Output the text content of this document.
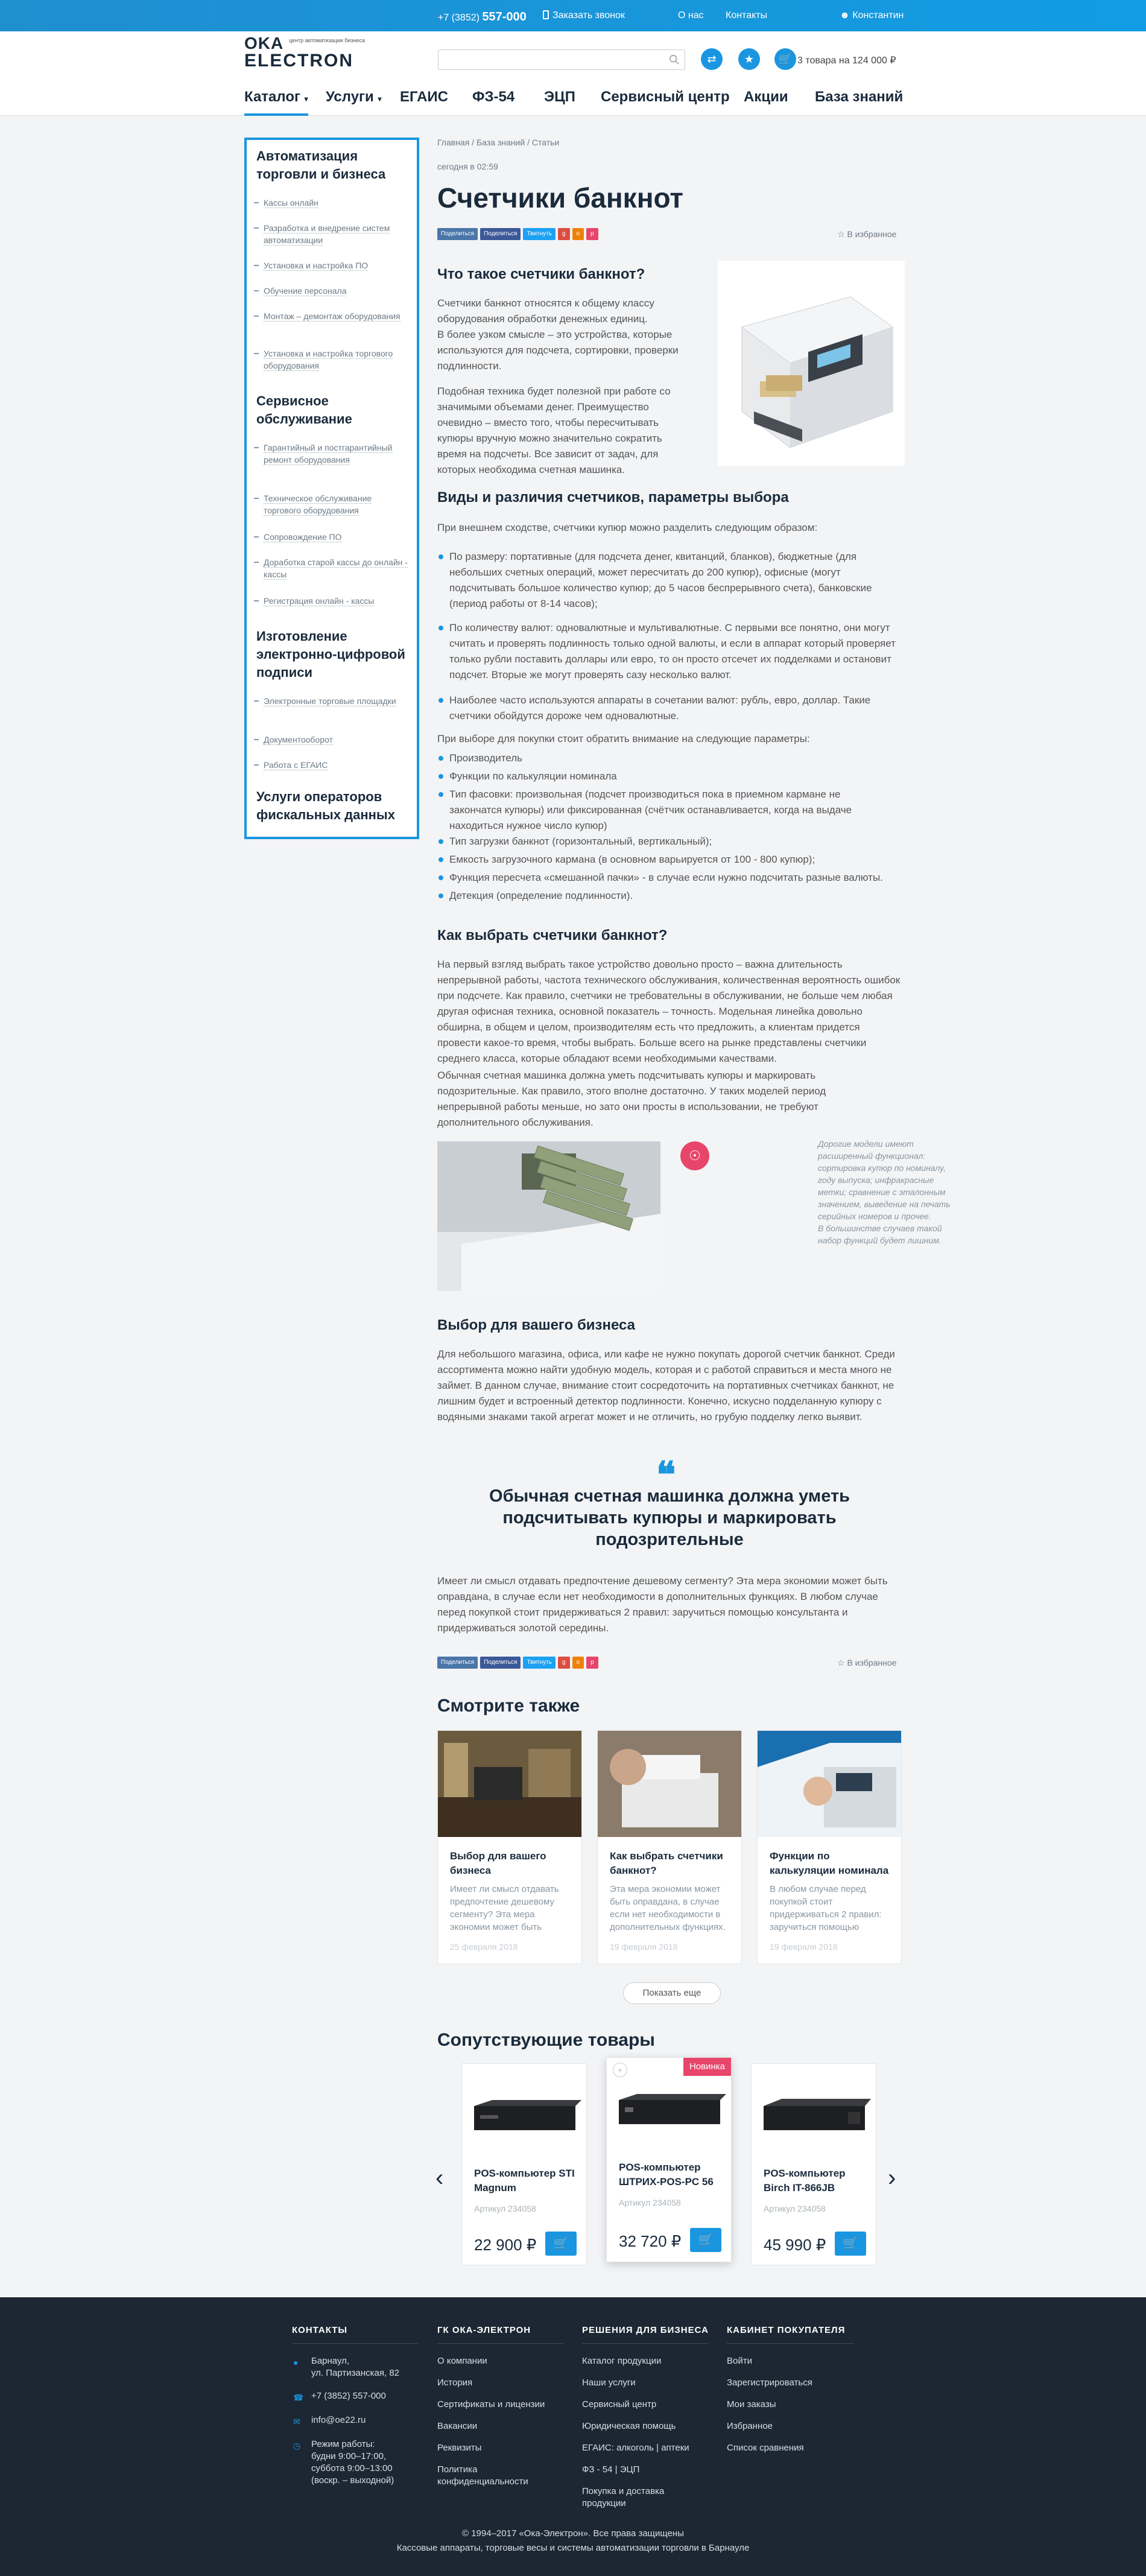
+7 (3852) 557-000	Заказать звонок	О нас Контакты	☻ Константин
OKA
ELECTRON
центр автоматизации бизнеса
⇄	★	🛒 3 товара на 124 000 ₽
Каталог ▾ Услуги ▾ ЕГАИС ФЗ-54 ЭЦП Сервисный центр Акции База знаний
Автоматизация торговли и бизнеса
Кассы онлайн
Разработка и внедрение систем автоматизации
Установка и настройка ПО
Обучение персонала
Монтаж – демонтаж оборудования
Установка и настройка торгового оборудования
Сервисное обслуживание
Гарантийный и постгарантийный ремонт оборудования
Техническое обслуживание торгового оборудования
Сопровождение ПО
Доработка старой кассы до онлайн - кассы
Регистрация онлайн - кассы
Изготовление электронно-цифровой подписи
Электронные торговые площадки
Документооборот
Работа с ЕГАИС
Услуги операторов фискальных данных
Главная / База знаний / Статьи
сегодня в 02:59
Счетчики банкнот
Поделиться	Поделиться	Твитнуть	g	o	p	☆ В избранное
Что такое счетчики банкнот?
Счетчики банкнот относятся к общему классу оборудования обработки денежных единиц.
В более узком смысле – это устройства, которые используются для подсчета, сортировки, проверки подлинности.
Подобная техника будет полезной при работе со значимыми объемами денег. Преимущество очевидно – вместо того, чтобы пересчитывать купюры вручную можно значительно сократить время на подсчеты. Все зависит от задач, для которых необходима счетная машинка.
Виды и различия счетчиков, параметры выбора
При внешнем сходстве, счетчики купюр можно разделить следующим образом:
По размеру: портативные (для подсчета денег, квитанций, бланков), бюджетные (для небольших счетных операций, может пересчитать до 200 купюр), офисные (могут подсчитывать большое количество купюр; до 5 часов беспрерывного счета), банковские (период работы от 8-14 часов);
По количеству валют: одновалютные и мультивалютные. С первыми все понятно, они могут считать и проверять подлинность только одной валюты, и если в аппарат который проверяет только рубли поставить доллары или евро, то он просто отсечет их подделками и остановит подсчет. Вторые же могут проверять сазу несколько валют.
Наиболее часто используются аппараты в сочетании валют: рубль, евро, доллар. Такие счетчики обойдутся дороже чем одновалютные.
При выборе для покупки стоит обратить внимание на следующие параметры:
Производитель
Функции по калькуляции номинала
Тип фасовки: произвольная (подсчет производиться пока в приемном кармане не закончатся купюры) или фиксированная (счётчик останавливается, когда на выдаче находиться нужное число купюр)
Тип загрузки банкнот (горизонтальный, вертикальный);
Емкость загрузочного кармана (в основном варьируется от 100 - 800 купюр);
Функция пересчета «смешанной пачки» - в случае если нужно подсчитать разные валюты.
Детекция (определение подлинности).
Как выбрать счетчики банкнот?
На первый взгляд выбрать такое устройство довольно просто – важна длительность непрерывной работы, частота технического обслуживания, количественная вероятность ошибок при подсчете. Как правило, счетчики не требовательны в обслуживании, не больше чем любая другая офисная техника, основной показатель – точность. Модельная линейка довольно обширна, в общем и целом, производителям есть что предложить, а клиентам придется провести какое-то время, чтобы выбрать. Больше всего на рынке представлены счетчики среднего класса, которые обладают всеми необходимыми качествами.
Обычная счетная машинка должна уметь подсчитывать купюры и маркировать подозрительные. Как правило, этого вполне достаточно. У таких моделей период непрерывной работы меньше, но зато они просты в использовании, не требуют дополнительного обслуживания.
☉
Дорогие модели имеют расширенный функционал: сортировка купюр по номиналу, году выпуска; инфракрасные метки; сравнение с эталонным значением, выведение на печать серийных номеров и прочее.
В большинстве случаев такой набор функций будет лишним.
Выбор для вашего бизнеса
Для небольшого магазина, офиса, или кафе не нужно покупать дорогой счетчик банкнот. Среди ассортимента можно найти удобную модель, которая и с работой справиться и места много не займет. В данном случае, внимание стоит сосредоточить на портативных счетчиках банкнот, не лишним будет и встроенный детектор подлинности. Конечно, искусно подделанную купюру с водяными знаками такой агрегат может и не отличить, но грубую подделку легко выявит.
❝
Обычная счетная машинка должна уметь подсчитывать купюры и маркировать подозрительные
Имеет ли смысл отдавать предпочтение дешевому сегменту? Эта мера экономии может быть оправдана, в случае если нет необходимости в дополнительных функциях. В любом случае перед покупкой стоит придерживаться 2 правил: заручиться помощью консультанта и придерживаться золотой середины.
Поделиться	Поделиться	Твитнуть	g	o	p	☆ В избранное
Смотрите также
Выбор для вашего бизнеса
Имеет ли смысл отдавать предпочтение дешевому сегменту? Эта мера экономии может быть
25 февраля 2018
Как выбрать счетчики банкнот?
Эта мера экономии может быть оправдана, в случае если нет необходимости в дополнительных функциях.
19 февраля 2018
Функции по калькуляции номинала
В любом случае перед покупкой стоит придерживаться 2 правил: заручиться помощью
19 февраля 2018
Показать еще
Сопутствующие товары
‹	›
POS-компьютер STI Magnum
Артикул 234058
22 900 ₽	🛒
Новинка
+
POS-компьютер ШТРИХ-POS-PC 56
Артикул 234058
32 720 ₽	🛒
POS-компьютер Birch IT-866JB
Артикул 234058
45 990 ₽	🛒
КОНТАКТЫ
Барнаул,
ул. Партизанская, 82
+7 (3852) 557-000
info@oe22.ru
Режим работы:
будни 9:00–17:00,
суббота 9:00–13:00
(воскр. – выходной)
●
☎
✉
◷
ГК ОКА-ЭЛЕКТРОН
О компании
История
Сертификаты и лицензии
Вакансии
Реквизиты
Политика конфиденциальности
РЕШЕНИЯ ДЛЯ БИЗНЕСА
Каталог продукции
Наши услуги
Сервисный центр
Юридическая помощь
ЕГАИС: алкоголь | аптеки
ФЗ - 54 | ЭЦП
Покупка и доставка продукции
КАБИНЕТ ПОКУПАТЕЛЯ
Войти
Зарегистрироваться
Мои заказы
Избранное
Список сравнения
© 1994–2017 «Ока-Электрон». Все права защищены
Кассовые аппараты, торговые весы и системы автоматизации торговли в Барнауле
